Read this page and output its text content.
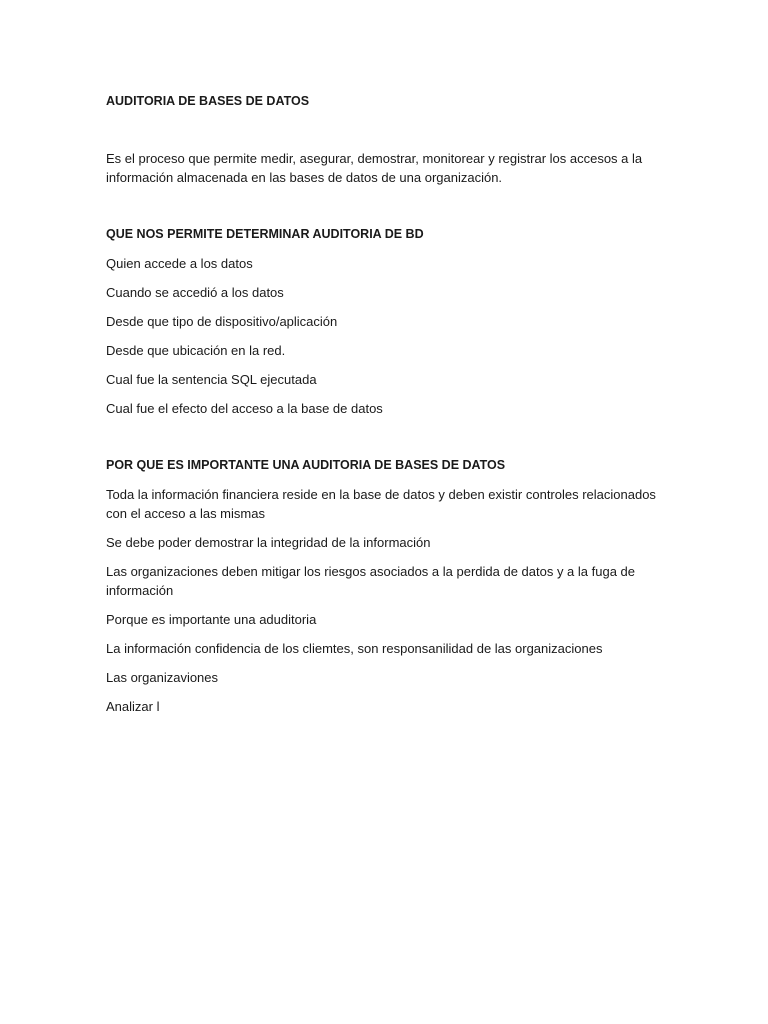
AUDITORIA DE BASES DE DATOS

Es el proceso que permite medir, asegurar, demostrar, monitorear y registrar los accesos a la información almacenada en las bases de datos de una organización.

QUE NOS PERMITE DETERMINAR AUDITORIA DE BD

Quien accede a los datos

Cuando se accedió a los datos

Desde que tipo de dispositivo/aplicación

Desde que ubicación en la red.

Cual fue la sentencia SQL ejecutada

Cual fue el efecto del acceso a la base de datos

POR QUE ES IMPORTANTE UNA AUDITORIA DE BASES DE DATOS

Toda la información financiera reside en la base de datos y deben existir controles relacionados con el acceso a las mismas

Se debe poder demostrar la integridad de la información

Las organizaciones deben mitigar los riesgos asociados a la perdida de datos y a la fuga de información

Porque es importante una aduditoria

La información confidencia de los cliemtes, son responsanilidad de las organizaciones

Las organizaviones

Analizar l
